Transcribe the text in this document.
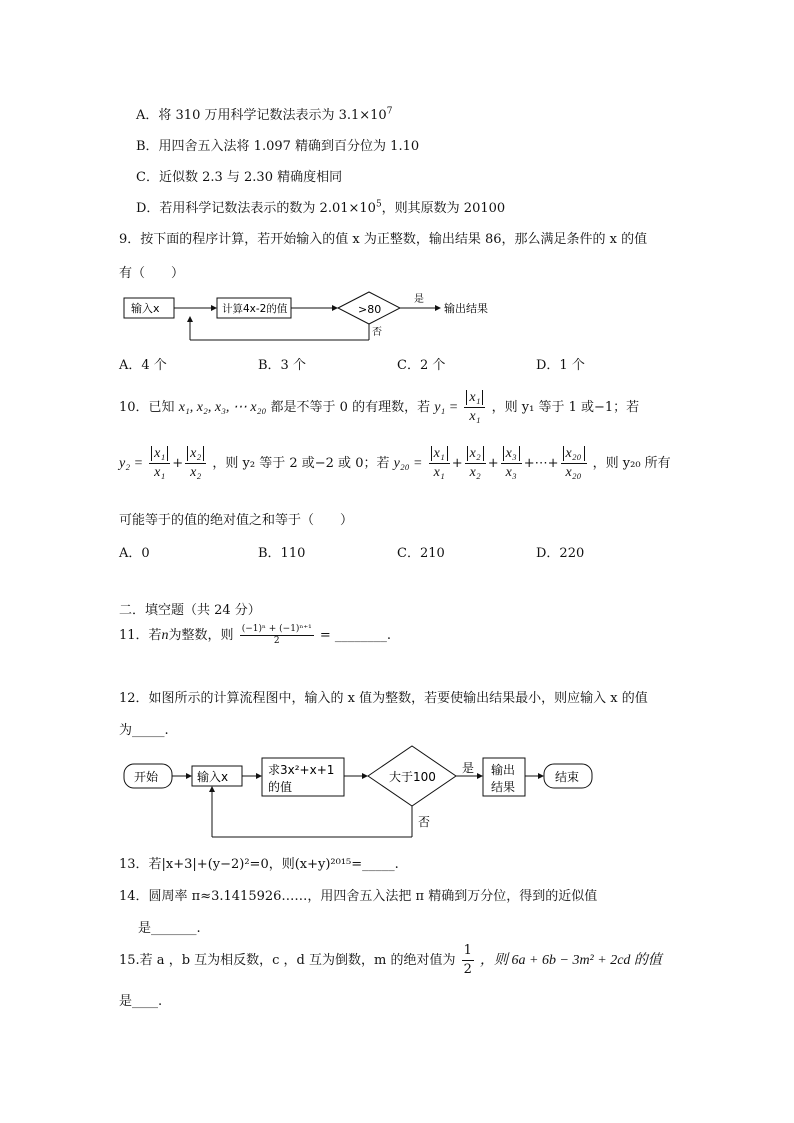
A．将 310 万用科学记数法表示为 $3.1\times 10^7$
B．用四舍五入法将 1.097 精确到百分位为 1.10
C．近似数 2.3 与 2.30 精确度相同
D．若用科学记数法表示的数为 $2.01\times 10^5$，则其原数为 20100
9．按下面的程序计算，若开始输入的值 x 为正整数，输出结果 86，那么满足条件的 x 的值
有（　　）
输入x	计算4x-2的值	>80
是
输出结果
否
A．4 个	B．3 个	C．2 个	D．1 个
10．已知 x₁, x₂, x₃, ⋯ x₂₀ 都是不等于 0 的有理数，若 $y_1 = \frac{\text{x₁}}{\text{x₁}}$ ，则 y₁ 等于 1 或−1；若
$y_2 = \frac{\text{x₁}}{\text{x₁}} + \frac{\text{x₂}}{\text{x₂}}$ ，则 y₂ 等于 2 或−2 或 0；若 $y_{20} = \frac{\text{x₁}}{\text{x₁}} + \frac{\text{x₂}}{\text{x₂}} + \frac{\text{x₃}}{\text{x₃}}$ +⋯+ $\frac{\text{x₂₀}}{\text{x₂₀}}$ ，则 y₂₀ 所有
可能等于的值的绝对值之和等于（　　）
A．0	B．110	C．210	D．220
二．填空题（共 24 分）
11．若n为整数，则 $\frac{\text{(−1)ⁿ + (−1)ⁿ⁺¹}}{2}$ = ________.
12．如图所示的计算流程图中，输入的 x 值为整数，若要使输出结果最小，则应输入 x 的值
为_____.
开始	输入x	求3x²+x+1
的值
大于100
是 输出
结果
结束
否
13．若|x+3|+(y−2)²=0，则(x+y)²⁰¹⁵=_____.
14．圆周率 π≈3.1415926……，用四舍五入法把 π 精确到万分位，得到的近似值
是_______.
15.若 a ，b 互为相反数，c ，d 互为倒数，m 的绝对值为 $\frac{1}{2}$ ，则 6a + 6b − 3m² + 2cd 的值
是____.
